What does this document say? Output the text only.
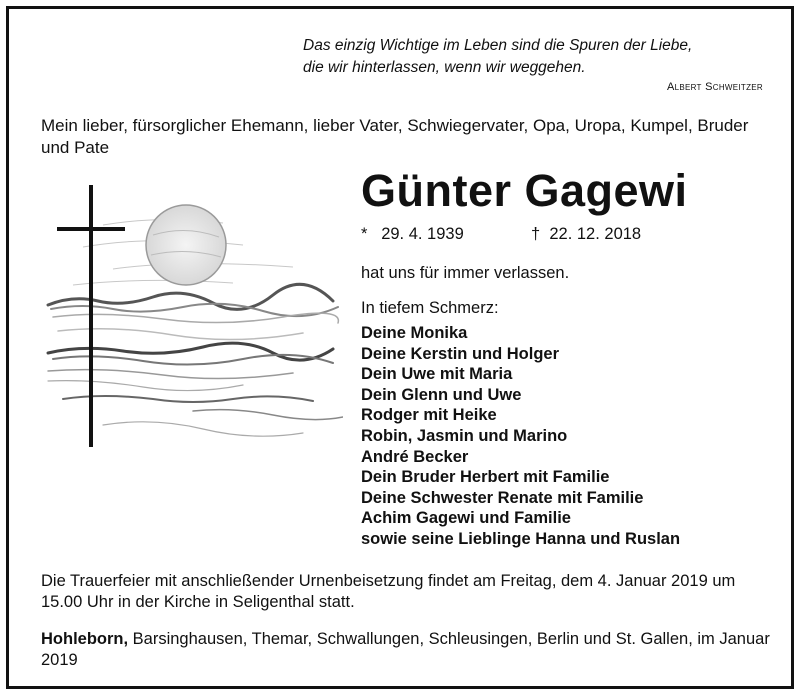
Das einzig Wichtige im Leben sind die Spuren der Liebe,
die wir hinterlassen, wenn wir weggehen.
Albert Schweitzer
Mein lieber, fürsorglicher Ehemann, lieber Vater, Schwiegervater, Opa, Uropa, Kumpel, Bruder und Pate
Günter Gagewi
* 29. 4. 1939	† 22. 12. 2018
hat uns für immer verlassen.
In tiefem Schmerz:
Deine Monika
Deine Kerstin und Holger
Dein Uwe mit Maria
Dein Glenn und Uwe
Rodger mit Heike
Robin, Jasmin und Marino
André Becker
Dein Bruder Herbert mit Familie
Deine Schwester Renate mit Familie
Achim Gagewi und Familie
sowie seine Lieblinge Hanna und Ruslan
Die Trauerfeier mit anschließender Urnenbeisetzung findet am Freitag, dem 4. Januar 2019 um 15.00 Uhr in der Kirche in Seligenthal statt.
Hohleborn, Barsinghausen, Themar, Schwallungen, Schleusingen, Berlin und St. Gallen, im Januar 2019
